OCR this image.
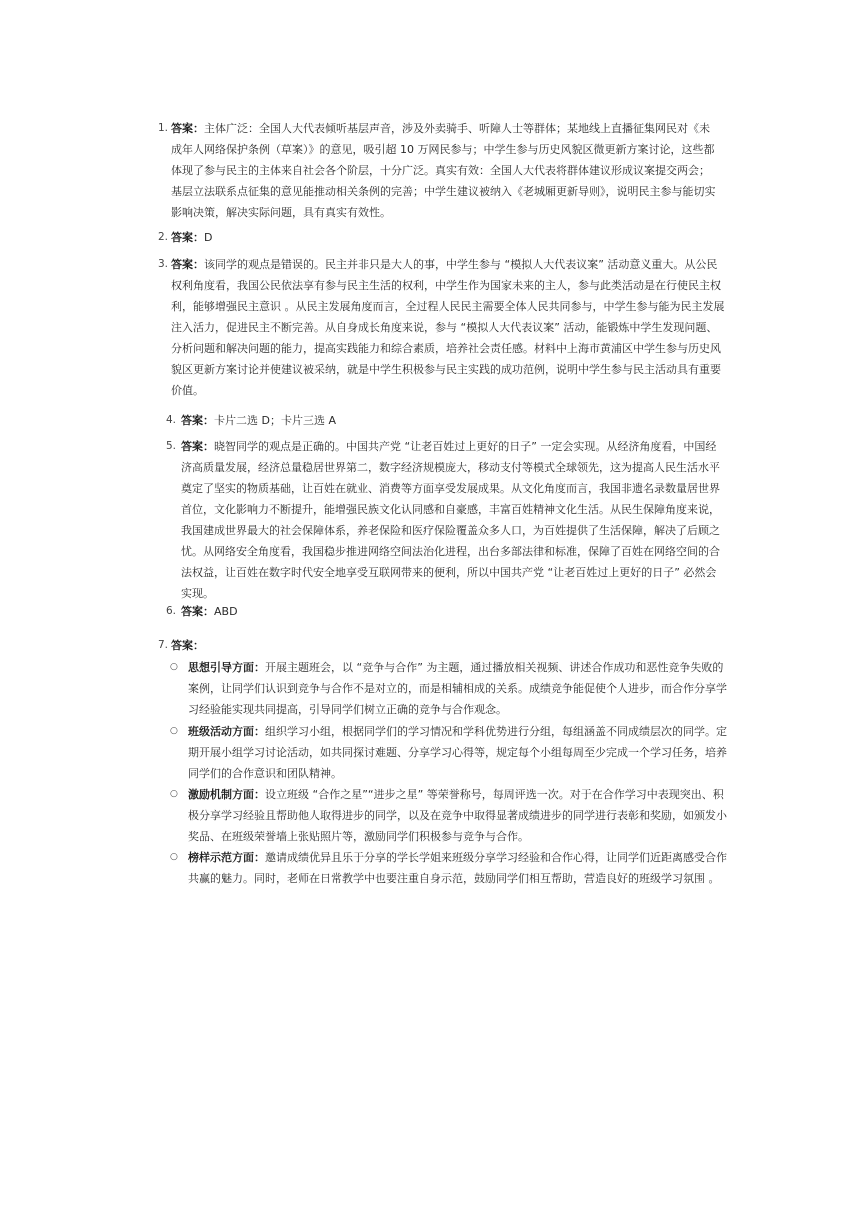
1. 答案：主体广泛：全国人大代表倾听基层声音，涉及外卖骑手、听障人士等群体；某地线上直播征集网民对《未成年人网络保护条例（草案）》的意见，吸引超 10 万网民参与；中学生参与历史风貌区微更新方案讨论，这些都体现了参与民主的主体来自社会各个阶层，十分广泛。真实有效：全国人大代表将群体建议形成议案提交两会；基层立法联系点征集的意见能推动相关条例的完善；中学生建议被纳入《老城厢更新导则》，说明民主参与能切实影响决策，解决实际问题，具有真实有效性。
2. 答案：D
3. 答案：该同学的观点是错误的。民主并非只是大人的事，中学生参与 “模拟人大代表议案” 活动意义重大。从公民权利角度看，我国公民依法享有参与民主生活的权利，中学生作为国家未来的主人，参与此类活动是在行使民主权利，能够增强民主意识 。从民主发展角度而言，全过程人民民主需要全体人民共同参与，中学生参与能为民主发展注入活力，促进民主不断完善。从自身成长角度来说，参与 “模拟人大代表议案” 活动，能锻炼中学生发现问题、分析问题和解决问题的能力，提高实践能力和综合素质，培养社会责任感。材料中上海市黄浦区中学生参与历史风貌区更新方案讨论并使建议被采纳，就是中学生积极参与民主实践的成功范例，说明中学生参与民主活动具有重要价值。
4. 答案：卡片二选 D；卡片三选 A
5. 答案：晓智同学的观点是正确的。中国共产党 “让老百姓过上更好的日子” 一定会实现。从经济角度看，中国经济高质量发展，经济总量稳居世界第二，数字经济规模庞大，移动支付等模式全球领先，这为提高人民生活水平奠定了坚实的物质基础，让百姓在就业、消费等方面享受发展成果。从文化角度而言，我国非遗名录数量居世界首位，文化影响力不断提升，能增强民族文化认同感和自豪感，丰富百姓精神文化生活。从民生保障角度来说，我国建成世界最大的社会保障体系，养老保险和医疗保险覆盖众多人口，为百姓提供了生活保障，解决了后顾之忧。从网络安全角度看，我国稳步推进网络空间法治化进程，出台多部法律和标准，保障了百姓在网络空间的合法权益，让百姓在数字时代安全地享受互联网带来的便利，所以中国共产党 “让老百姓过上更好的日子” 必然会实现。
6. 答案：ABD
7. 答案：
○ 思想引导方面：开展主题班会，以 “竞争与合作” 为主题，通过播放相关视频、讲述合作成功和恶性竞争失败的案例，让同学们认识到竞争与合作不是对立的，而是相辅相成的关系。成绩竞争能促使个人进步，而合作分享学习经验能实现共同提高，引导同学们树立正确的竞争与合作观念。
○ 班级活动方面：组织学习小组，根据同学们的学习情况和学科优势进行分组，每组涵盖不同成绩层次的同学。定期开展小组学习讨论活动，如共同探讨难题、分享学习心得等，规定每个小组每周至少完成一个学习任务，培养同学们的合作意识和团队精神。
○ 激励机制方面：设立班级 “合作之星”“进步之星” 等荣誉称号，每周评选一次。对于在合作学习中表现突出、积极分享学习经验且帮助他人取得进步的同学，以及在竞争中取得显著成绩进步的同学进行表彰和奖励，如颁发小奖品、在班级荣誉墙上张贴照片等，激励同学们积极参与竞争与合作。
○ 榜样示范方面：邀请成绩优异且乐于分享的学长学姐来班级分享学习经验和合作心得，让同学们近距离感受合作共赢的魅力。同时，老师在日常教学中也要注重自身示范，鼓励同学们相互帮助，营造良好的班级学习氛围 。
